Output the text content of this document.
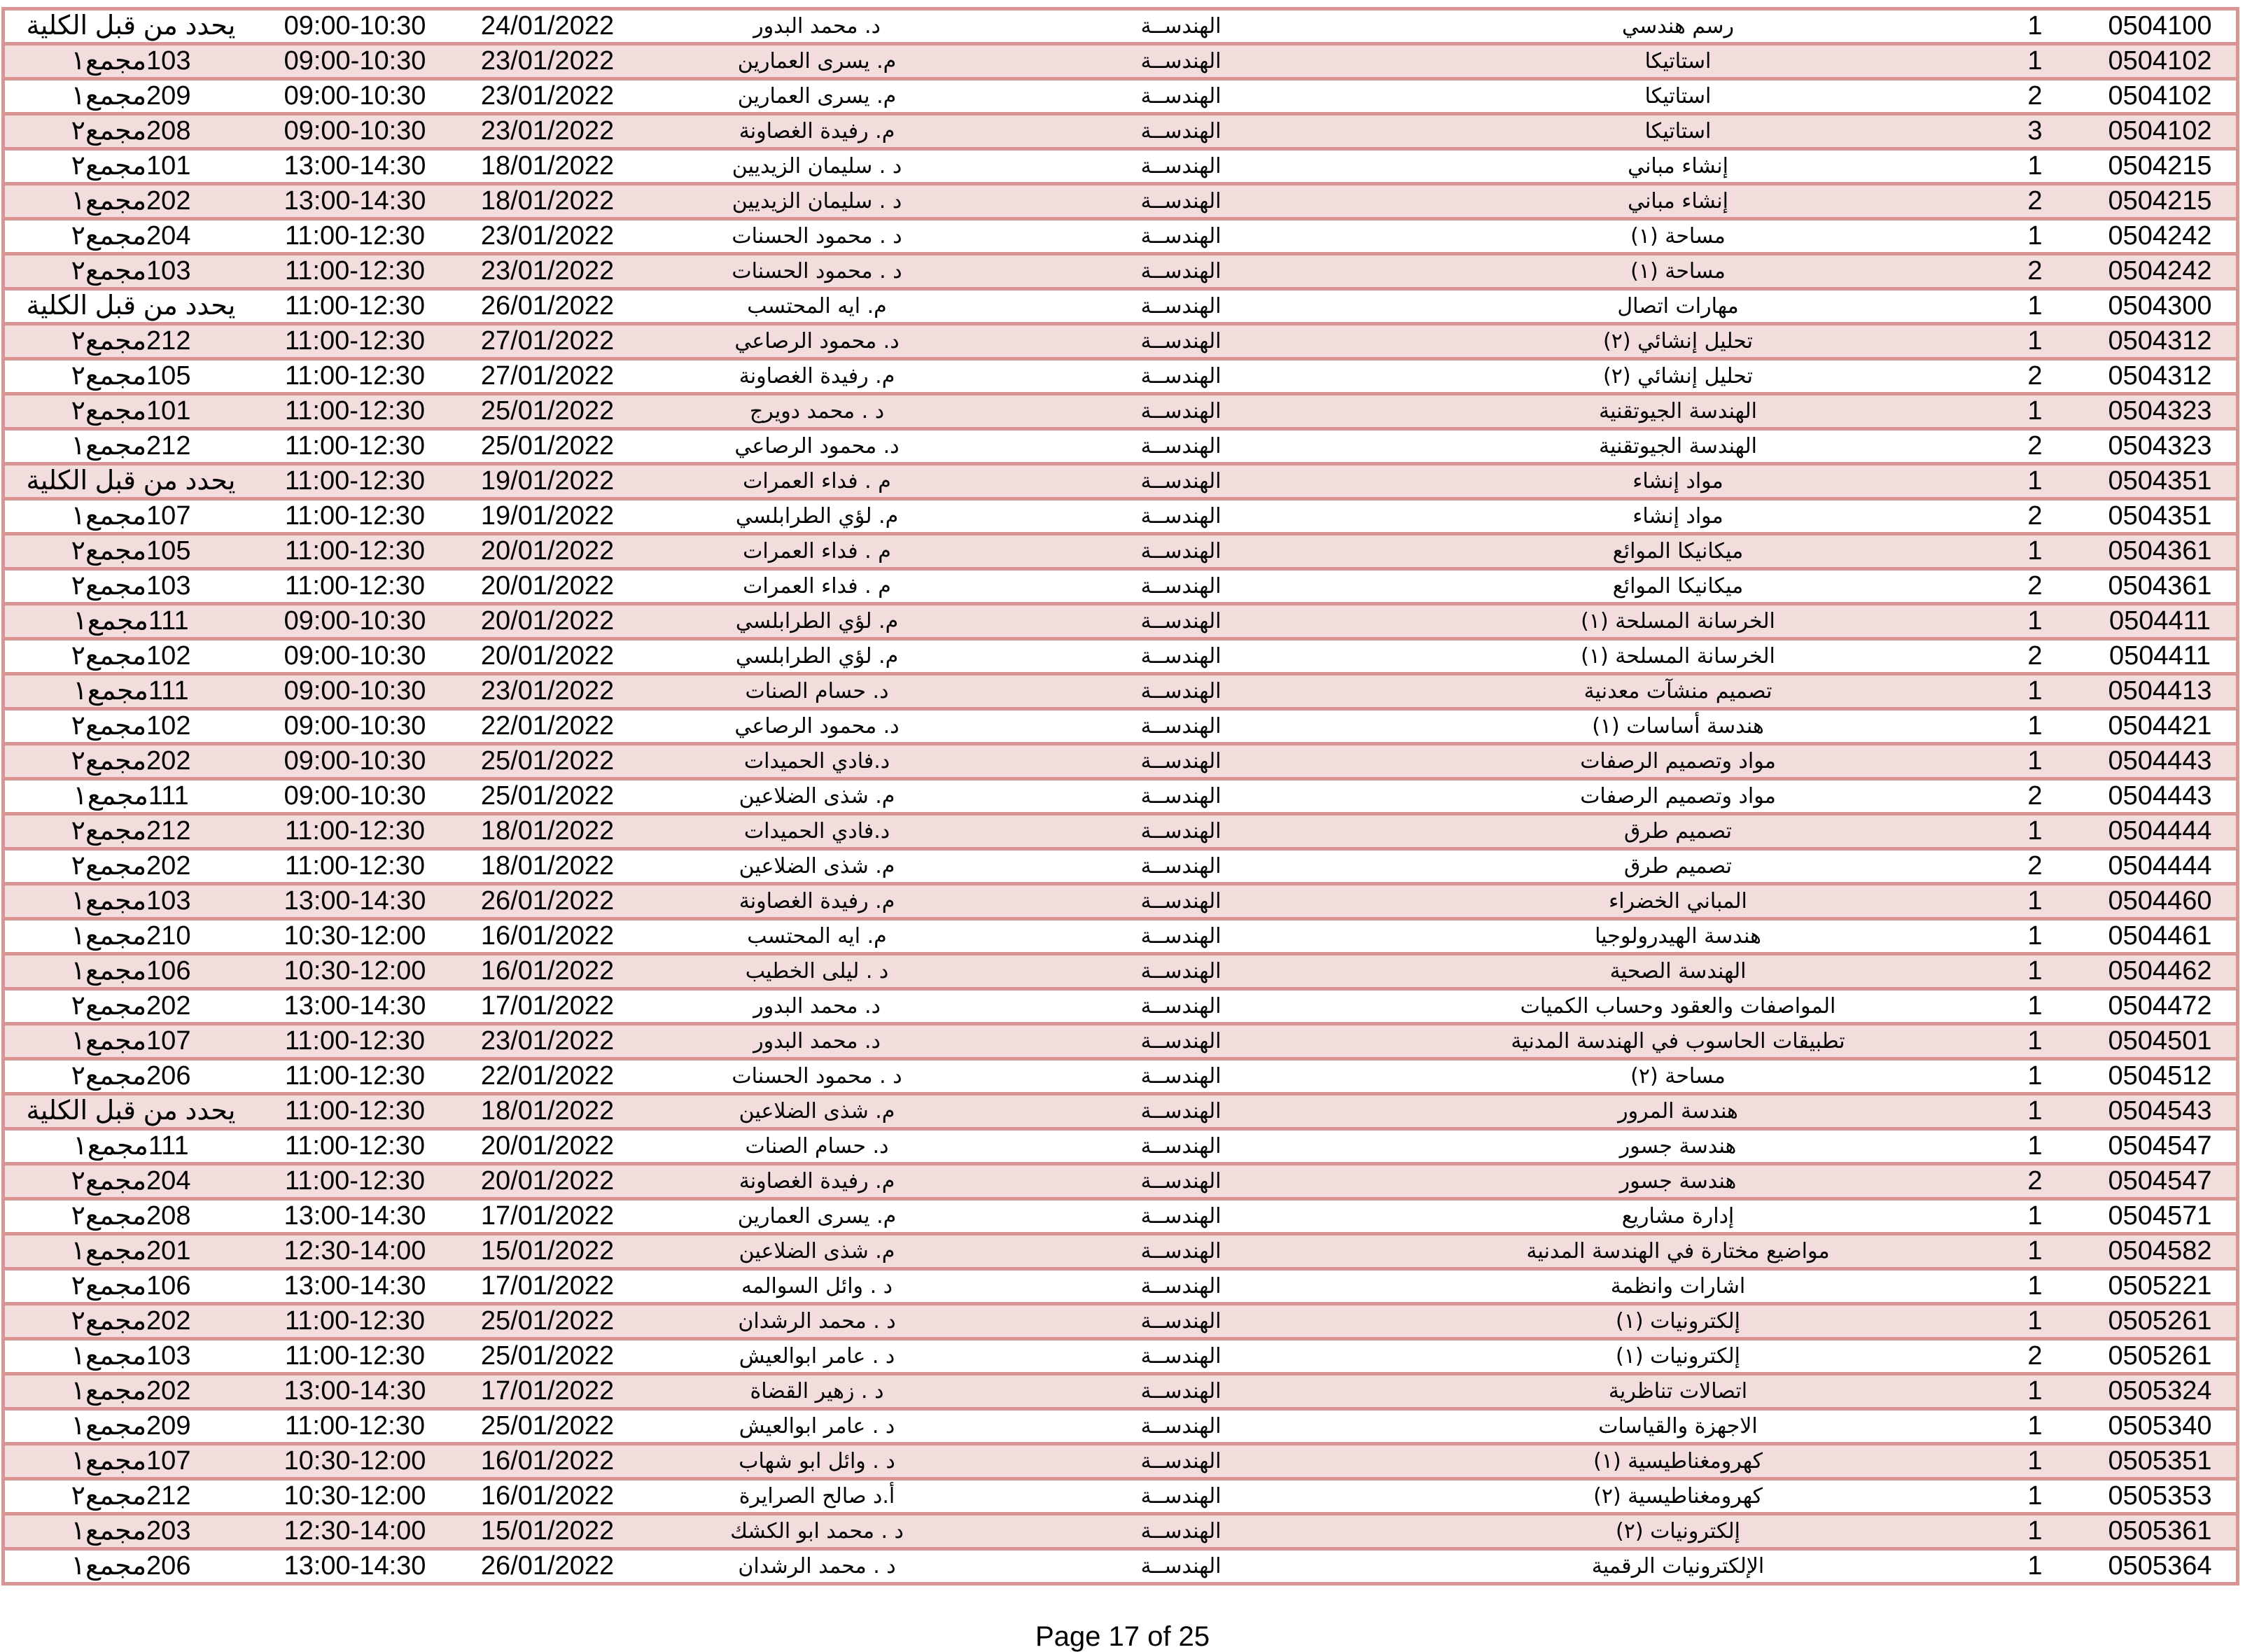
يحدد من قبل الكلية	09:00-10:30	24/01/2022	د. محمد البدور	الهندســة	رسم هندسي	1	0504100
103مجمع١	09:00-10:30	23/01/2022	م. يسرى العمارين	الهندســة	استاتيكا	1	0504102
209مجمع١	09:00-10:30	23/01/2022	م. يسرى العمارين	الهندســة	استاتيكا	2	0504102
208مجمع٢	09:00-10:30	23/01/2022	م. رفيدة الغصاونة	الهندســة	استاتيكا	3	0504102
101مجمع٢	13:00-14:30	18/01/2022	د . سليمان الزيديين	الهندســة	إنشاء مباني	1	0504215
202مجمع١	13:00-14:30	18/01/2022	د . سليمان الزيديين	الهندســة	إنشاء مباني	2	0504215
204مجمع٢	11:00-12:30	23/01/2022	د . محمود الحسنات	الهندســة	مساحة (١)	1	0504242
103مجمع٢	11:00-12:30	23/01/2022	د . محمود الحسنات	الهندســة	مساحة (١)	2	0504242
يحدد من قبل الكلية	11:00-12:30	26/01/2022	م. ايه المحتسب	الهندســة	مهارات اتصال	1	0504300
212مجمع٢	11:00-12:30	27/01/2022	د. محمود الرصاعي	الهندســة	تحليل إنشائي (٢)	1	0504312
105مجمع٢	11:00-12:30	27/01/2022	م. رفيدة الغصاونة	الهندســة	تحليل إنشائي (٢)	2	0504312
101مجمع٢	11:00-12:30	25/01/2022	د . محمد دويرج	الهندســة	الهندسة الجيوتقنية	1	0504323
212مجمع١	11:00-12:30	25/01/2022	د. محمود الرصاعي	الهندســة	الهندسة الجيوتقنية	2	0504323
يحدد من قبل الكلية	11:00-12:30	19/01/2022	م . فداء العمرات	الهندســة	مواد إنشاء	1	0504351
107مجمع١	11:00-12:30	19/01/2022	م. لؤي الطرابلسي	الهندســة	مواد إنشاء	2	0504351
105مجمع٢	11:00-12:30	20/01/2022	م . فداء العمرات	الهندســة	ميكانيكا الموائع	1	0504361
103مجمع٢	11:00-12:30	20/01/2022	م . فداء العمرات	الهندســة	ميكانيكا الموائع	2	0504361
111مجمع١	09:00-10:30	20/01/2022	م. لؤي الطرابلسي	الهندســة	الخرسانة المسلحة (١)	1	0504411
102مجمع٢	09:00-10:30	20/01/2022	م. لؤي الطرابلسي	الهندســة	الخرسانة المسلحة (١)	2	0504411
111مجمع١	09:00-10:30	23/01/2022	د. حسام الصنات	الهندســة	تصميم منشآت معدنية	1	0504413
102مجمع٢	09:00-10:30	22/01/2022	د. محمود الرصاعي	الهندســة	هندسة أساسات (١)	1	0504421
202مجمع٢	09:00-10:30	25/01/2022	د.فادي الحميدات	الهندســة	مواد وتصميم الرصفات	1	0504443
111مجمع١	09:00-10:30	25/01/2022	م. شذى الضلاعين	الهندســة	مواد وتصميم الرصفات	2	0504443
212مجمع٢	11:00-12:30	18/01/2022	د.فادي الحميدات	الهندســة	تصميم طرق	1	0504444
202مجمع٢	11:00-12:30	18/01/2022	م. شذى الضلاعين	الهندســة	تصميم طرق	2	0504444
103مجمع١	13:00-14:30	26/01/2022	م. رفيدة الغصاونة	الهندســة	المباني الخضراء	1	0504460
210مجمع١	10:30-12:00	16/01/2022	م. ايه المحتسب	الهندســة	هندسة الهيدرولوجيا	1	0504461
106مجمع١	10:30-12:00	16/01/2022	د . ليلى الخطيب	الهندســة	الهندسة الصحية	1	0504462
202مجمع٢	13:00-14:30	17/01/2022	د. محمد البدور	الهندســة	المواصفات والعقود وحساب الكميات	1	0504472
107مجمع١	11:00-12:30	23/01/2022	د. محمد البدور	الهندســة	تطبيقات الحاسوب في الهندسة المدنية	1	0504501
206مجمع٢	11:00-12:30	22/01/2022	د . محمود الحسنات	الهندســة	مساحة (٢)	1	0504512
يحدد من قبل الكلية	11:00-12:30	18/01/2022	م. شذى الضلاعين	الهندســة	هندسة المرور	1	0504543
111مجمع١	11:00-12:30	20/01/2022	د. حسام الصنات	الهندســة	هندسة جسور	1	0504547
204مجمع٢	11:00-12:30	20/01/2022	م. رفيدة الغصاونة	الهندســة	هندسة جسور	2	0504547
208مجمع٢	13:00-14:30	17/01/2022	م. يسرى العمارين	الهندســة	إدارة مشاريع	1	0504571
201مجمع١	12:30-14:00	15/01/2022	م. شذى الضلاعين	الهندســة	مواضيع مختارة في الهندسة المدنية	1	0504582
106مجمع٢	13:00-14:30	17/01/2022	د . وائل السوالمه	الهندســة	اشارات وانظمة	1	0505221
202مجمع٢	11:00-12:30	25/01/2022	د . محمد الرشدان	الهندســة	إلكترونيات (١)	1	0505261
103مجمع١	11:00-12:30	25/01/2022	د . عامر ابوالعيش	الهندســة	إلكترونيات (١)	2	0505261
202مجمع١	13:00-14:30	17/01/2022	د . زهير القضاة	الهندســة	اتصالات تناظرية	1	0505324
209مجمع١	11:00-12:30	25/01/2022	د . عامر ابوالعيش	الهندســة	الاجهزة والقياسات	1	0505340
107مجمع١	10:30-12:00	16/01/2022	د . وائل ابو شهاب	الهندســة	كهرومغناطيسية (١)	1	0505351
212مجمع٢	10:30-12:00	16/01/2022	أ.د صالح الصرايرة	الهندســة	كهرومغناطيسية (٢)	1	0505353
203مجمع١	12:30-14:00	15/01/2022	د . محمد ابو الكشك	الهندســة	إلكترونيات (٢)	1	0505361
206مجمع١	13:00-14:30	26/01/2022	د . محمد الرشدان	الهندســة	الإلكترونيات الرقمية	1	0505364
Page 17 of 25
